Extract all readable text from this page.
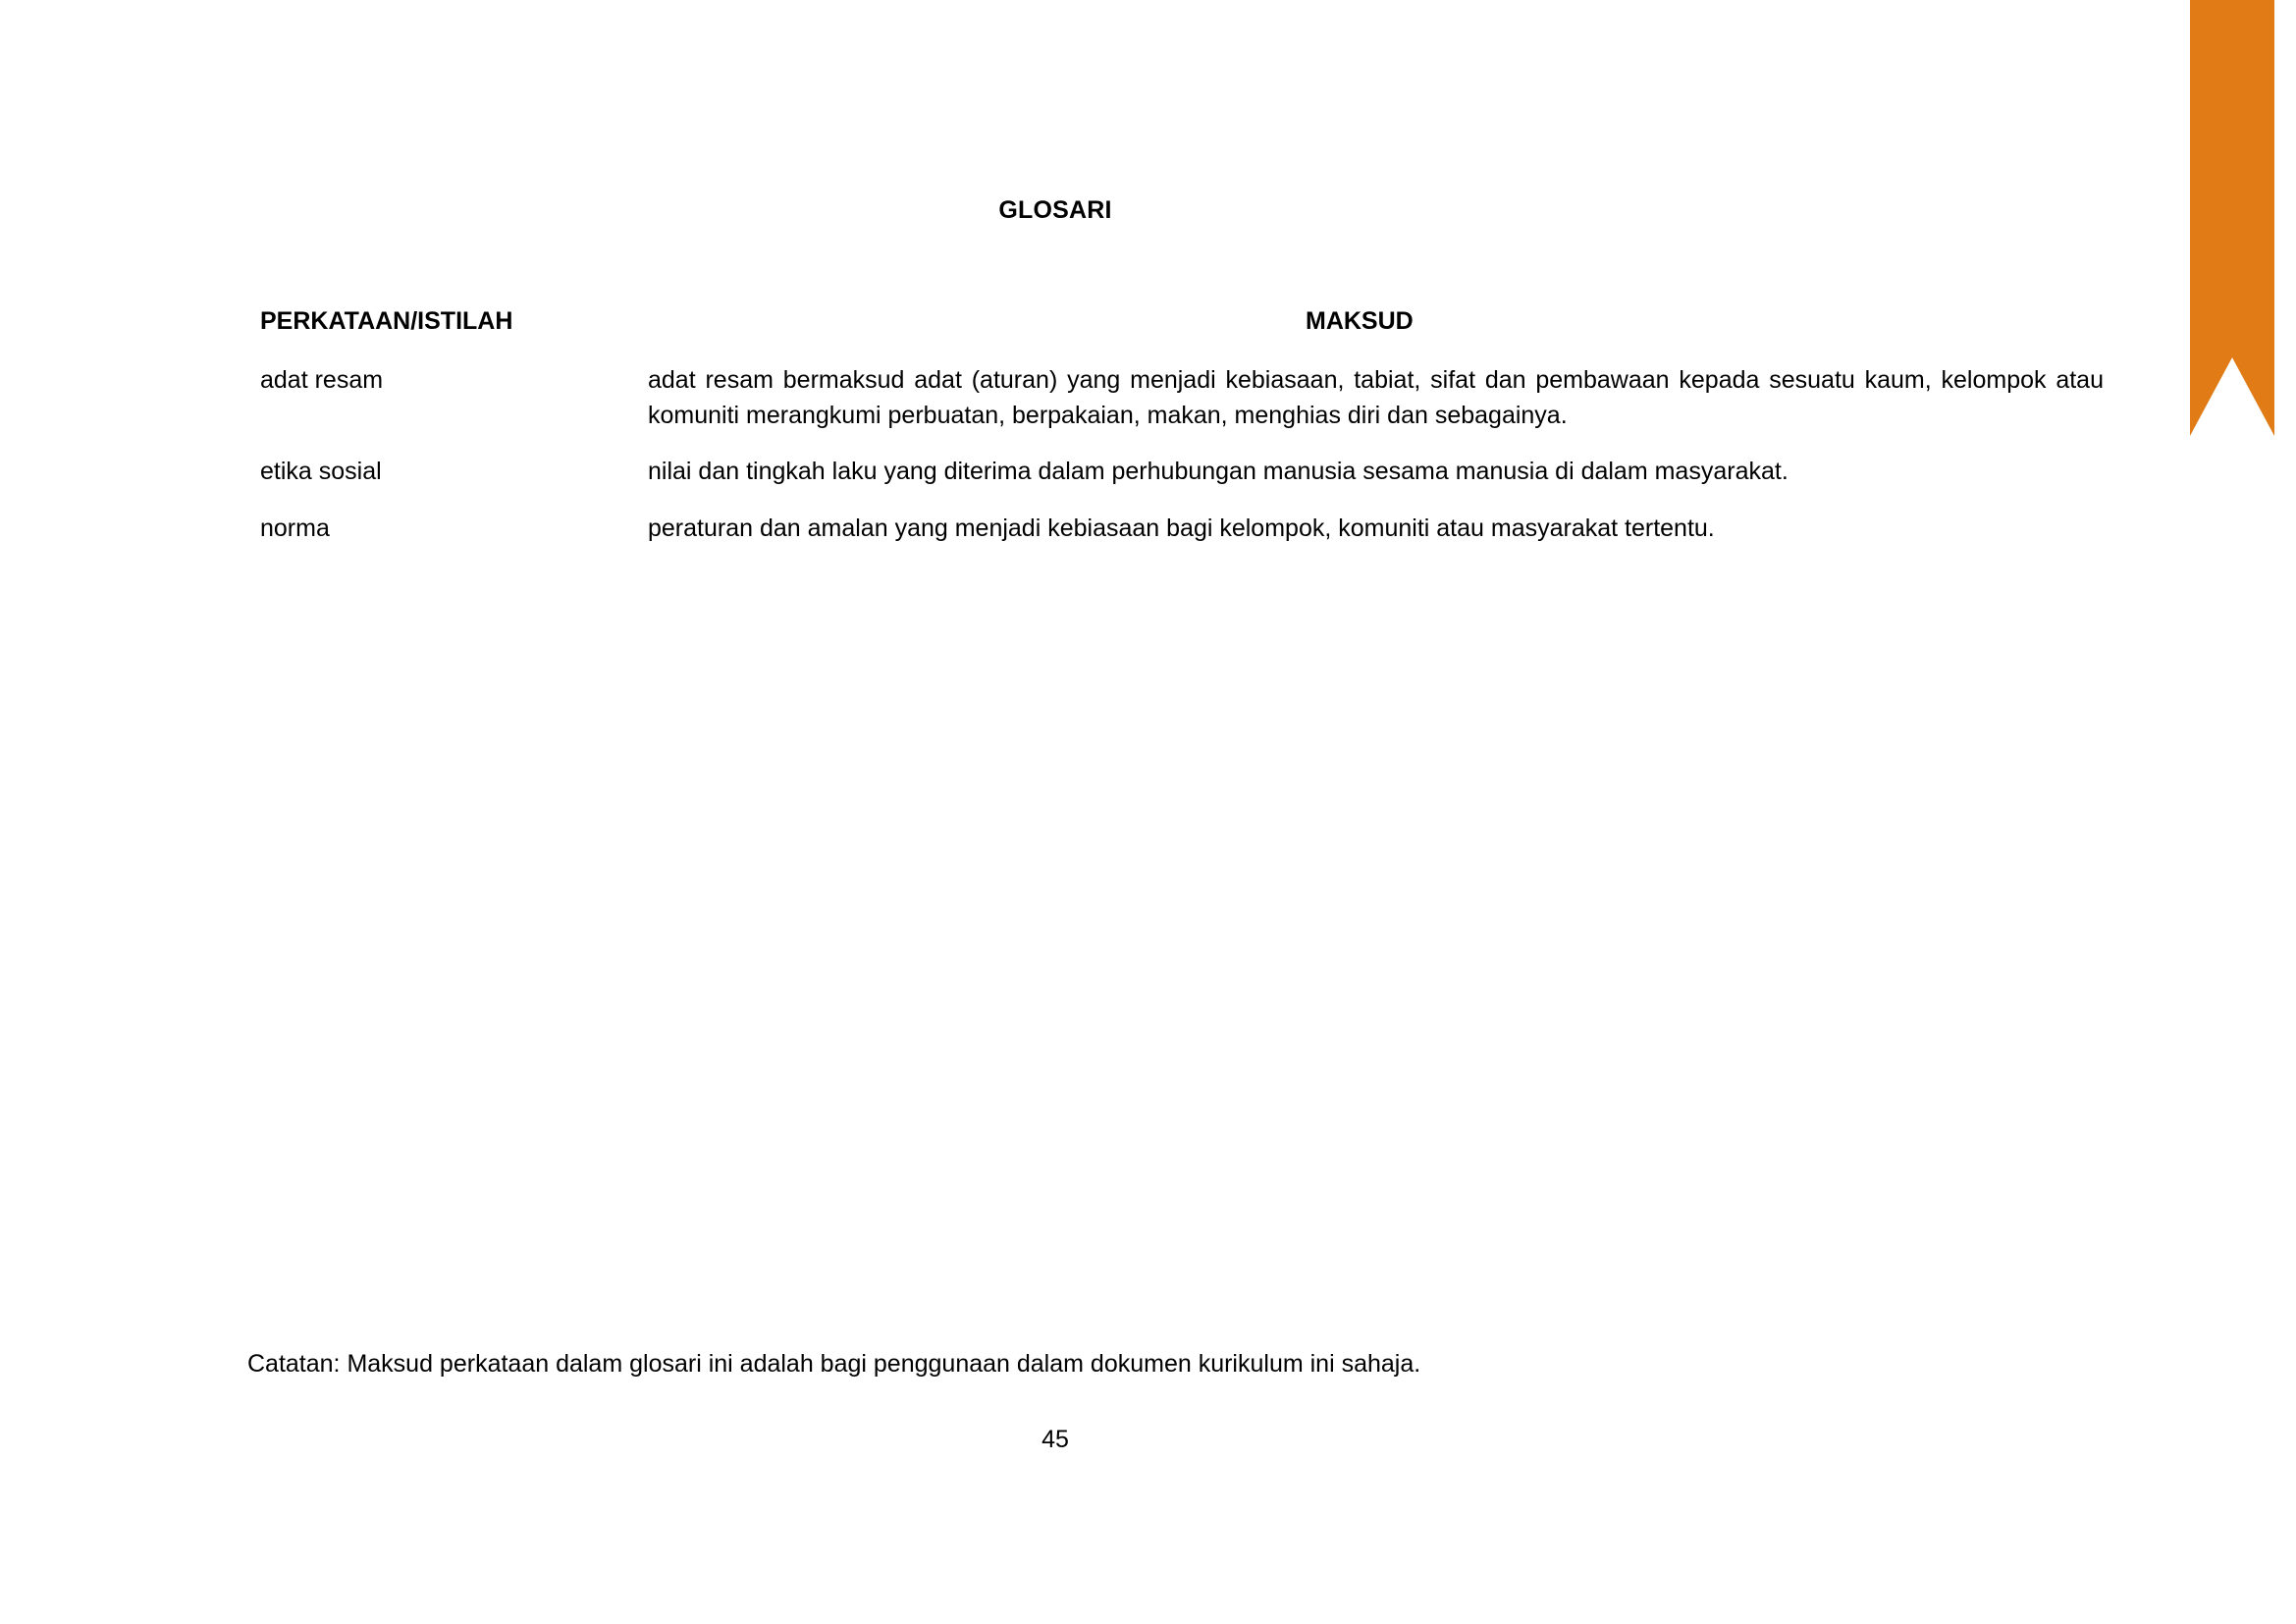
GLOSARI
PERKATAAN/ISTILAH	MAKSUD
adat resam	adat resam bermaksud adat (aturan) yang menjadi kebiasaan, tabiat, sifat dan pembawaan kepada sesuatu kaum, kelompok atau komuniti merangkumi perbuatan, berpakaian, makan, menghias diri dan sebagainya.
etika sosial	nilai dan tingkah laku yang diterima dalam perhubungan manusia sesama manusia di dalam masyarakat.
norma	peraturan dan amalan yang menjadi kebiasaan bagi kelompok, komuniti atau masyarakat tertentu.
Catatan: Maksud perkataan dalam glosari ini adalah bagi penggunaan dalam dokumen kurikulum ini sahaja.
45
